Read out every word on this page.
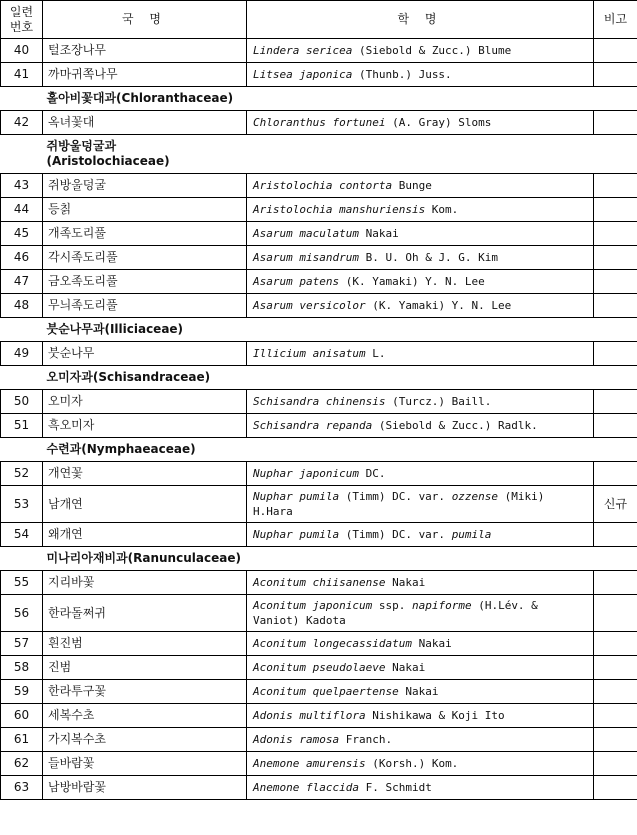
일련
번호	국 명	학 명	비고
40	털조장나무	Lindera sericea (Siebold & Zucc.) Blume	
41	까마귀쪽나무	Litsea japonica (Thunb.) Juss.	
홀아비꽃대과(Chloranthaceae)			
42	옥녀꽃대	Chloranthus fortunei (A. Gray) Sloms	
쥐방울덩굴과
(Aristolochiaceae)			
43	쥐방울덩굴	Aristolochia contorta Bunge	
44	등칡	Aristolochia manshuriensis Kom.	
45	개족도리풀	Asarum maculatum Nakai	
46	각시족도리풀	Asarum misandrum B. U. Oh & J. G. Kim	
47	금오족도리풀	Asarum patens (K. Yamaki) Y. N. Lee	
48	무늬족도리풀	Asarum versicolor (K. Yamaki) Y. N. Lee	
붓순나무과(Illiciaceae)			
49	붓순나무	Illicium anisatum L.	
오미자과(Schisandraceae)			
50	오미자	Schisandra chinensis (Turcz.) Baill.	
51	흑오미자	Schisandra repanda (Siebold & Zucc.) Radlk.	
수련과(Nymphaeaceae)			
52	개연꽃	Nuphar japonicum DC.	
53	남개연	Nuphar pumila (Timm) DC. var. ozzense (Miki) H.Hara	신규
54	왜개연	Nuphar pumila (Timm) DC. var. pumila	
미나리아재비과(Ranunculaceae)			
55	지리바꽃	Aconitum chiisanense Nakai	
56	한라돌쩌귀	Aconitum japonicum ssp. napiforme (H.Lév. & Vaniot) Kadota	
57	흰진범	Aconitum longecassidatum Nakai	
58	진범	Aconitum pseudolaeve Nakai	
59	한라투구꽃	Aconitum quelpaertense Nakai	
60	세복수초	Adonis multiflora Nishikawa & Koji Ito	
61	가지복수초	Adonis ramosa Franch.	
62	들바람꽃	Anemone amurensis (Korsh.) Kom.	
63	남방바람꽃	Anemone flaccida F. Schmidt	
